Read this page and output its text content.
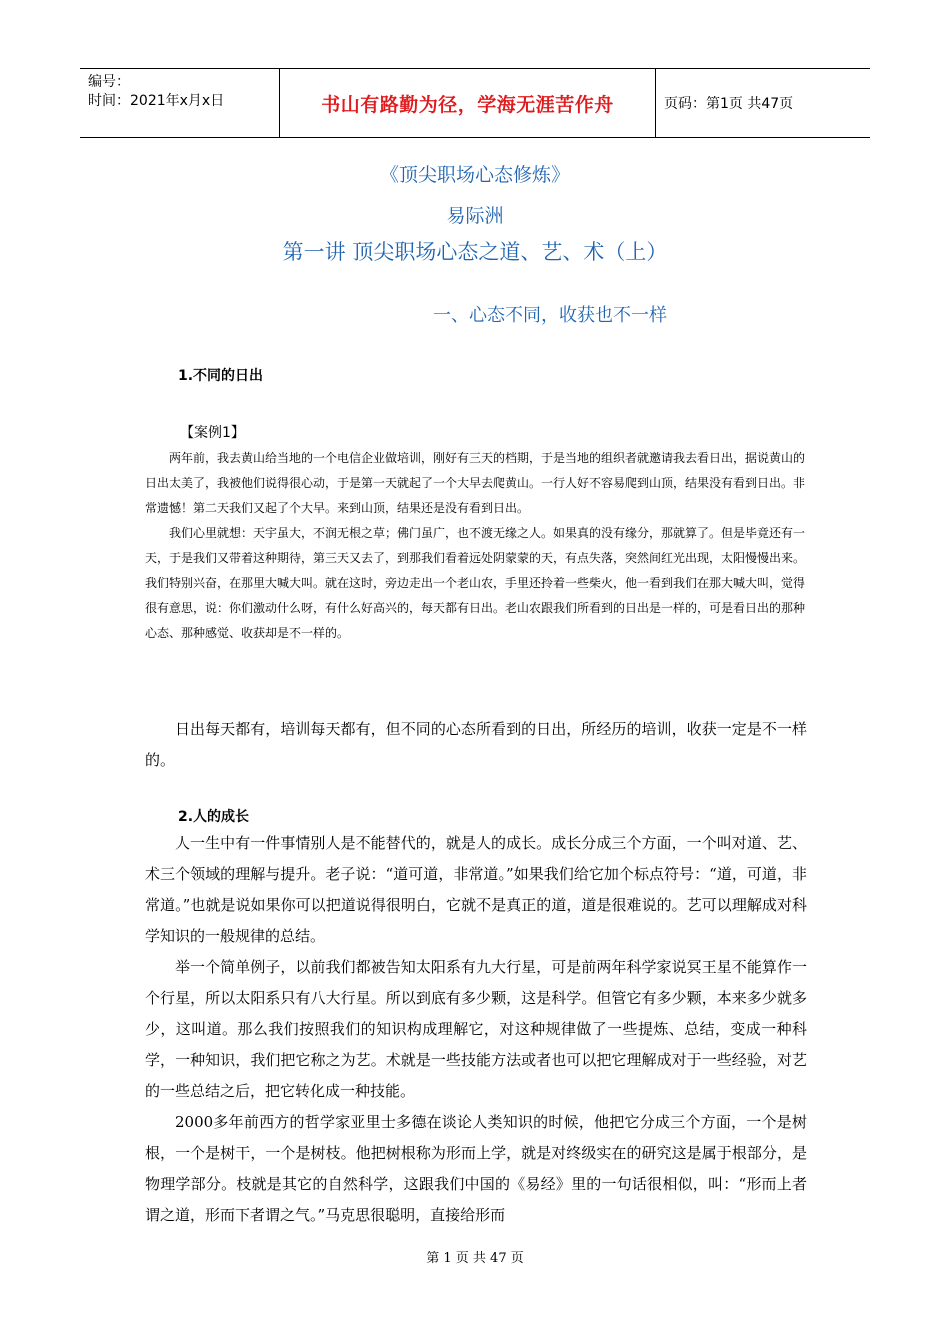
编号：
时间：2021年x月x日	书山有路勤为径，学海无涯苦作舟	页码：第1页 共47页
《顶尖职场心态修炼》
易际洲
第一讲 顶尖职场心态之道、艺、术（上）
一、心态不同，收获也不一样
1.不同的日出
【案例1】

两年前，我去黄山给当地的一个电信企业做培训，刚好有三天的档期，于是当地的组织者就邀请我去看日出，据说黄山的日出太美了，我被他们说得很心动，于是第一天就起了一个大早去爬黄山。一行人好不容易爬到山顶，结果没有看到日出。非常遗憾！第二天我们又起了个大早。来到山顶，结果还是没有看到日出。

我们心里就想：天宇虽大，不润无根之草；佛门虽广，也不渡无缘之人。如果真的没有缘分，那就算了。但是毕竟还有一天，于是我们又带着这种期待，第三天又去了，到那我们看着远处阴蒙蒙的天，有点失落，突然间红光出现，太阳慢慢出来。我们特别兴奋，在那里大喊大叫。就在这时，旁边走出一个老山农，手里还拎着一些柴火，他一看到我们在那大喊大叫，觉得很有意思，说：你们激动什么呀，有什么好高兴的，每天都有日出。老山农跟我们所看到的日出是一样的，可是看日出的那种心态、那种感觉、收获却是不一样的。

日出每天都有，培训每天都有，但不同的心态所看到的日出，所经历的培训，收获一定是不一样的。

2.人的成长

人一生中有一件事情别人是不能替代的，就是人的成长。成长分成三个方面，一个叫对道、艺、术三个领域的理解与提升。老子说：“道可道，非常道。”如果我们给它加个标点符号：“道，可道，非常道。”也就是说如果你可以把道说得很明白，它就不是真正的道，道是很难说的。艺可以理解成对科学知识的一般规律的总结。

举一个简单例子，以前我们都被告知太阳系有九大行星，可是前两年科学家说冥王星不能算作一个行星，所以太阳系只有八大行星。所以到底有多少颗，这是科学。但管它有多少颗，本来多少就多少，这叫道。那么我们按照我们的知识构成理解它，对这种规律做了一些提炼、总结，变成一种科学，一种知识，我们把它称之为艺。术就是一些技能方法或者也可以把它理解成对于一些经验，对艺的一些总结之后，把它转化成一种技能。

2000多年前西方的哲学家亚里士多德在谈论人类知识的时候，他把它分成三个方面，一个是树根，一个是树干，一个是树枝。他把树根称为形而上学，就是对终级实在的研究这是属于根部分，是物理学部分。枝就是其它的自然科学，这跟我们中国的《易经》里的一句话很相似，叫：“形而上者谓之道，形而下者谓之气。”马克思很聪明，直接给形而

第 1 页 共 47 页
